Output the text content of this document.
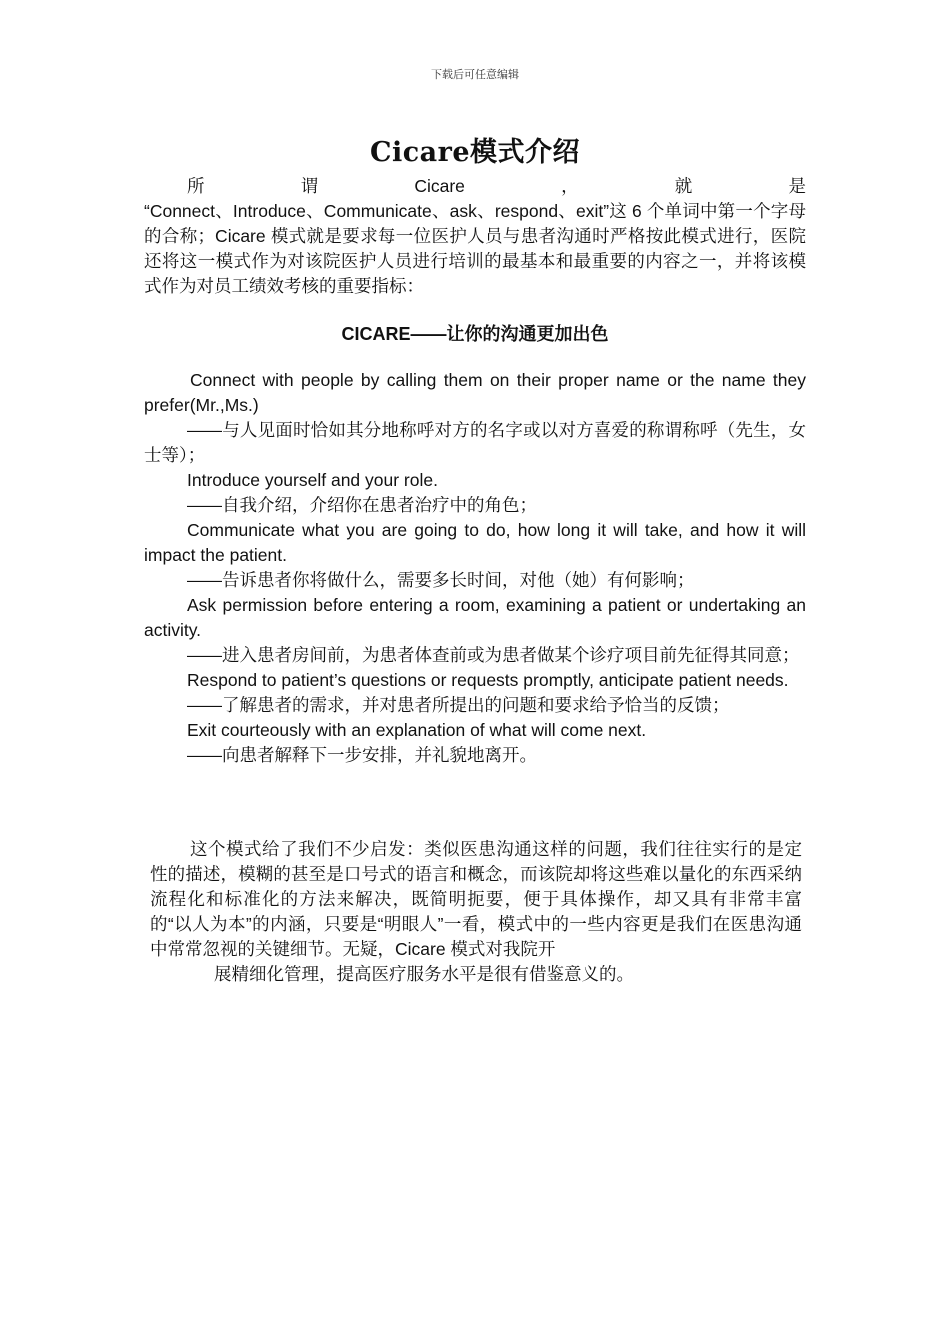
下载后可任意编辑
Cicare模式介绍
所	谓	Cicare	，	就	是

“Connect、Introduce、Communicate、ask、respond、exit”这 6 个单词中第一个字母的合称；Cicare 模式就是要求每一位医护人员与患者沟通时严格按此模式进行，医院还将这一模式作为对该院医护人员进行培训的最基本和最重要的内容之一，并将该模式作为对员工绩效考核的重要指标：

CICARE——让你的沟通更加出色

Connect with people by calling them on their proper name or the name they prefer(Mr.,Ms.)

——与人见面时恰如其分地称呼对方的名字或以对方喜爱的称谓称呼（先生，女士等）；

Introduce yourself and your role.

——自我介绍，介绍你在患者治疗中的角色；

Communicate what you are going to do, how long it will take, and how it will impact the patient.

——告诉患者你将做什么，需要多长时间，对他（她）有何影响；

Ask permission before entering a room, examining a patient or undertaking an activity.

——进入患者房间前，为患者体查前或为患者做某个诊疗项目前先征得其同意；

Respond to patient’s questions or requests promptly, anticipate patient needs.

——了解患者的需求，并对患者所提出的问题和要求给予恰当的反馈；

Exit courteously with an explanation of what will come next.

——向患者解释下一步安排，并礼貌地离开。

这个模式给了我们不少启发：类似医患沟通这样的问题，我们往往实行的是定性的描述，模糊的甚至是口号式的语言和概念，而该院却将这些难以量化的东西采纳流程化和标准化的方法来解决，既简明扼要，便于具体操作，却又具有非常丰富的“以人为本”的内涵，只要是“明眼人”一看，模式中的一些内容更是我们在医患沟通中常常忽视的关键细节。无疑，Cicare 模式对我院开

展精细化管理，提高医疗服务水平是很有借鉴意义的。
